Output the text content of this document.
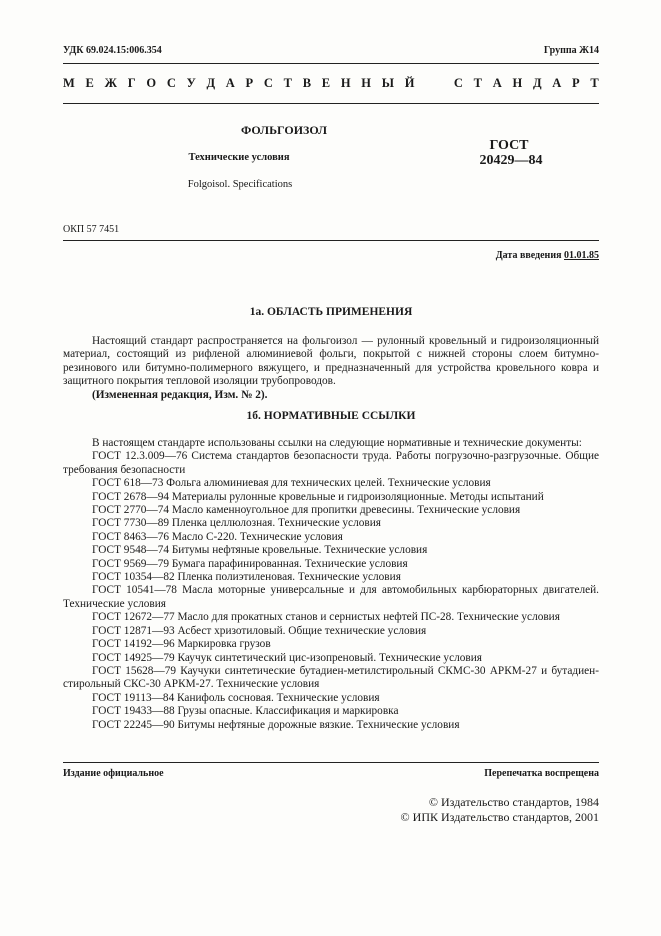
УДК 69.024.15:006.354	Группа Ж14
М Е Ж Г О С У Д А Р С Т В Е Н Н Ы Й	С Т А Н Д А Р Т
ФОЛЬГОИЗОЛ
Технические условия
Folgoisol. Specifications
ГОСТ
20429—84
ОКП 57 7451
Дата введения 01.01.85
1а. ОБЛАСТЬ ПРИМЕНЕНИЯ

Настоящий стандарт распространяется на фольгоизол — рулонный кровельный и гидроизоляционный материал, состоящий из рифленой алюминиевой фольги, покрытой с нижней стороны слоем битумно-резинового или битумно-полимерного вяжущего, и предназначенный для устройства кровельного ковра и защитного покрытия тепловой изоляции трубопроводов.

(Измененная редакция, Изм. № 2).

1б. НОРМАТИВНЫЕ ССЫЛКИ

В настоящем стандарте использованы ссылки на следующие нормативные и технические документы:

ГОСТ 12.3.009—76 Система стандартов безопасности труда. Работы погрузочно-разгрузочные. Общие требования безопасности

ГОСТ 618—73 Фольга алюминиевая для технических целей. Технические условия

ГОСТ 2678—94 Материалы рулонные кровельные и гидроизоляционные. Методы испытаний

ГОСТ 2770—74 Масло каменноугольное для пропитки древесины. Технические условия

ГОСТ 7730—89 Пленка целлюлозная. Технические условия

ГОСТ 8463—76 Масло С-220. Технические условия

ГОСТ 9548—74 Битумы нефтяные кровельные. Технические условия

ГОСТ 9569—79 Бумага парафинированная. Технические условия

ГОСТ 10354—82 Пленка полиэтиленовая. Технические условия

ГОСТ 10541—78 Масла моторные универсальные и для автомобильных карбюраторных двигателей. Технические условия

ГОСТ 12672—77 Масло для прокатных станов и сернистых нефтей ПС-28. Технические условия

ГОСТ 12871—93 Асбест хризотиловый. Общие технические условия

ГОСТ 14192—96 Маркировка грузов

ГОСТ 14925—79 Каучук синтетический цис-изопреновый. Технические условия

ГОСТ 15628—79 Каучуки синтетические бутадиен-метилстирольный СКМС-30 АРКМ-27 и бутадиен-стирольный СКС-30 АРКМ-27. Технические условия

ГОСТ 19113—84 Канифоль сосновая. Технические условия

ГОСТ 19433—88 Грузы опасные. Классификация и маркировка

ГОСТ 22245—90 Битумы нефтяные дорожные вязкие. Технические условия

Издание официальное	Перепечатка воспрещена
© Издательство стандартов, 1984
© ИПК Издательство стандартов, 2001
